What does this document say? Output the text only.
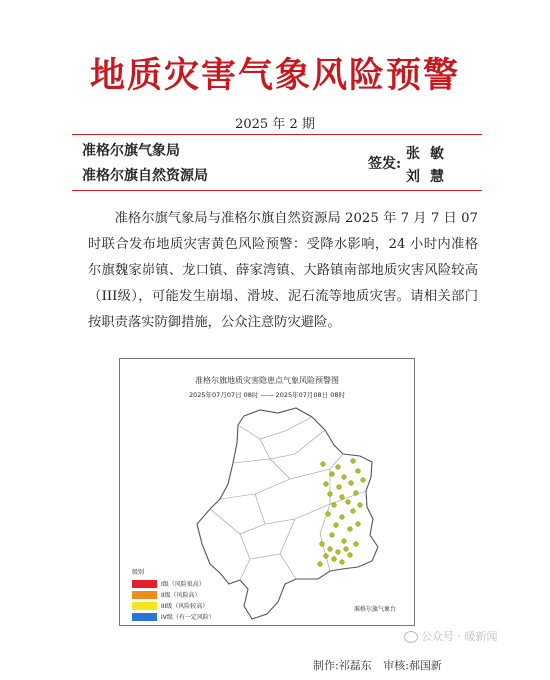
地质灾害气象风险预警
2025 年 2 期
准格尔旗气象局
准格尔旗自然资源局
签发:
张敏
刘慧
准格尔旗气象局与准格尔旗自然资源局 2025 年 7 月 7 日 07 时联合发布地质灾害黄色风险预警：受降水影响，24 小时内准格尔旗魏家峁镇、龙口镇、薛家湾镇、大路镇南部地质灾害风险较高（III级），可能发生崩塌、滑坡、泥石流等地质灾害。请相关部门按职责落实防御措施，公众注意防灾避险。
准格尔旗地质灾害隐患点气象风险预警图
2025年07月07日 08时 —— 2025年07月08日 08时
级别
I级（风险很高）
II级（风险高）
III级（风险较高）
IV级（有一定风险）
准格尔旗气象台
公众号 · 暖新闻
制作:祁磊东 审核:郝国新
